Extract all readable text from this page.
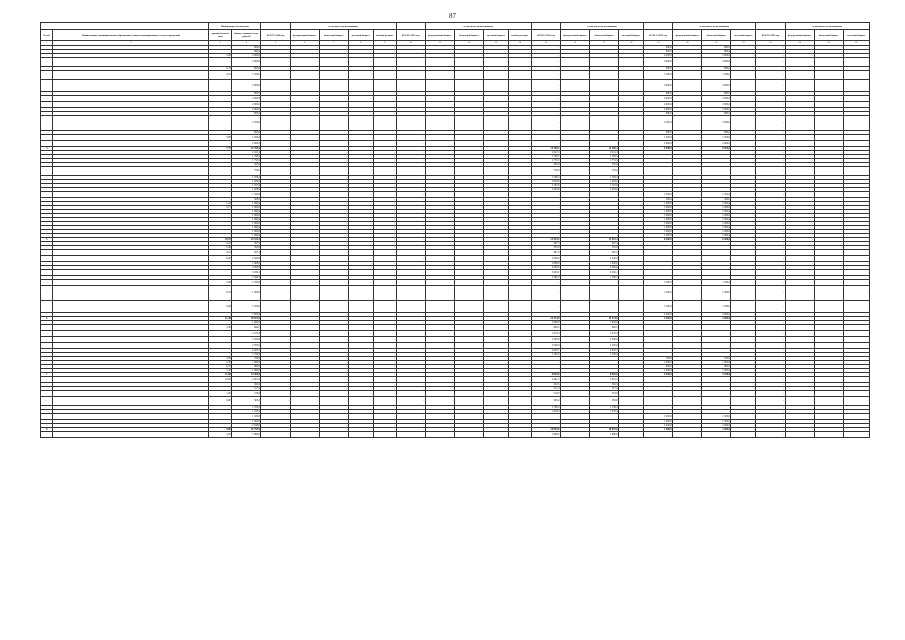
87
		Индикаторы обеспечения			в том числе по источникам					в том числе по источникам					в том числе по источникам				в том числе по источникам				в том числе по источникам		
№ п/п	Наименование муниципального образования, объекта водопроводных сетей и сооружений	протяжён-ность (км)	общая стоимость (тыс. рублей)	ВСЕГО 2020 год	федеральный бюджет	областной бюджет	местный бюджет	внебюд-жетные	ВСЕГО 2021 год	федеральный бюджет	областной бюджет	местный бюджет	внебюд-жетные	ВСЕГО 2022 год	федеральный бюджет	областной бюджет	местный бюджет	ВСЕГО 2023 год	федеральный бюджет	областной бюджет	местный бюджет	ВСЕГО 2024 год	федеральный бюджет	областной бюджет	местный бюджет
1	2	3	4	5	6	7	8	9	10	11	12	13	14	15	16	17	18	19	20	21	22	23	24	25	26
-		-	800,0	-	-	-	-	-	-	-	-	-	-	-	-	-	-	800,0	-	800,0	-	-	-	-	-
-		-	800,0	-	-	-	-	-	-	-	-	-	-	-	-	-	-	800,0	-	800,0	-	-	-	-	-
-		2,00	2 000,0	-	-	-	-	-	-	-	-	-	-	-	-	-	-	2 000,0	-	2 000,0	-	-	-	-	-
-		-	2 000,0	-	-	-	-	-	-	-	-	-	-	-	-	-	-	2 000,0	-	2 000,0	-	-	-	-	-
-		0,35	800,0	-	-	-	-	-	-	-	-	-	-	-	-	-	-	800,0	-	800,0	-	-	-	-	-
-		2,10	1 500,0	-	-	-	-	-	-	-	-	-	-	-	-	-	-	1 500,0	-	1 500,0	-	-	-	-	-
-		-	2 000,0	-	-	-	-	-	-	-	-	-	-	-	-	-	-	2 000,0	-	2 000,0	-	-	-	-	-
-		-	800,0	-	-	-	-	-	-	-	-	-	-	-	-	-	-	800,0	-	800,0	-	-	-	-	-
-		-	2 000,0	-	-	-	-	-	-	-	-	-	-	-	-	-	-	2 000,0	-	2 000,0	-	-	-	-	-
-		-	2 000,0	-	-	-	-	-	-	-	-	-	-	-	-	-	-	2 000,0	-	2 000,0	-	-	-	-	-
-		-	2 000,0	-	-	-	-	-	-	-	-	-	-	-	-	-	-	2 000,0	-	2 000,0	-	-	-	-	-
-		-	800,0	-	-	-	-	-	-	-	-	-	-	-	-	-	-	800,0	-	800,0	-	-	-	-	-
-		-	2 500,0	-	-	-	-	-	-	-	-	-	-	-	-	-	-	2 500,0	-	2 500,0	-	-	-	-	-
-		-	800,0	-	-	-	-	-	-	-	-	-	-	-	-	-	-	800,0	-	800,0	-	-	-	-	-
-		3,80	1 500,0	-	-	-	-	-	-	-	-	-	-	-	-	-	-	1 500,0	-	1 500,0	-	-	-	-	-
-		-	2 600,0	-	-	-	-	-	-	-	-	-	-	-	-	-	-	2 600,0	-	2 600,0	-	-	-	-	-
4		7,57	24 708,3	-	-	-	-	-	-	-	-	-	-	14 508,3	-	14 508,3	-	9 500,0	-	9 500,0	-	-	-	-	-
-		-	2 411,3	-	-	-	-	-	-	-	-	-	-	2 411,3	-	2 411,3	-	-	-	-	-	-	-	-	-
-		-	1 790,5	-	-	-	-	-	-	-	-	-	-	1 790,5	-	1 790,5	-	-	-	-	-	-	-	-	-
-		-	1 755,5	-	-	-	-	-	-	-	-	-	-	1 755,5	-	1 755,5	-	-	-	-	-	-	-	-	-
-		-	595,0	-	-	-	-	-	-	-	-	-	-	595,0	-	595,0	-	-	-	-	-	-	-	-	-
-		-	750,0	-	-	-	-	-	-	-	-	-	-	750,0	-	750,0	-	-	-	-	-	-	-	-	-
-		-	1 769,2	-	-	-	-	-	-	-	-	-	-	1 769,2	-	1 769,2	-	-	-	-	-	-	-	-	-
-		-	1 629,6	-	-	-	-	-	-	-	-	-	-	1 629,6	-	1 629,6	-	-	-	-	-	-	-	-	-
-		-	1 767,6	-	-	-	-	-	-	-	-	-	-	1 767,6	-	1 767,6	-	-	-	-	-	-	-	-	-
-		-	1 629,6	-	-	-	-	-	-	-	-	-	-	1 629,6	-	1 629,6	-	-	-	-	-	-	-	-	-
-		-	1 500,0	-	-	-	-	-	-	-	-	-	-	-	-	-	-	1 500,0	-	1 500,0	-	-	-	-	-
-		-	500,0	-	-	-	-	-	-	-	-	-	-	-	-	-	-	500,0	-	500,0	-	-	-	-	-
-		1,44	1 000,0	-	-	-	-	-	-	-	-	-	-	-	-	-	-	1 000,0	-	1 000,0	-	-	-	-	-
-		3,71	1 000,0	-	-	-	-	-	-	-	-	-	-	-	-	-	-	1 000,0	-	1 000,0	-	-	-	-	-
-		-	1 000,0	-	-	-	-	-	-	-	-	-	-	-	-	-	-	1 000,0	-	1 000,0	-	-	-	-	-
-		-	1 000,0	-	-	-	-	-	-	-	-	-	-	-	-	-	-	1 000,0	-	1 000,0	-	-	-	-	-
-		-	1 000,0	-	-	-	-	-	-	-	-	-	-	-	-	-	-	1 000,0	-	1 000,0	-	-	-	-	-
-		-	1 000,0	-	-	-	-	-	-	-	-	-	-	-	-	-	-	1 000,0	-	1 000,0	-	-	-	-	-
-		-	1 000,0	-	-	-	-	-	-	-	-	-	-	-	-	-	-	1 000,0	-	1 000,0	-	-	-	-	-
-		-	1 000,0	-	-	-	-	-	-	-	-	-	-	-	-	-	-	1 000,0	-	1 000,0	-	-	-	-	-
-		-	1 000,0	-	-	-	-	-	-	-	-	-	-	-	-	-	-	1 000,0	-	1 000,0	-	-	-	-	-
5		29,97	19 319,3	-	-	-	-	-	-	-	-	-	-	12 919,3	-	12 919,3	-	6 300,0	-	6 300,0	-	-	-	-	-
-		0,10	397,3	-	-	-	-	-	-	-	-	-	-	397,3	-	397,3	-	-	-	-	-	-	-	-	-
-		0,40	355,0	-	-	-	-	-	-	-	-	-	-	355,0	-	355,0	-	-	-	-	-	-	-	-	-
-		0,10	497,3	-	-	-	-	-	-	-	-	-	-	497,3	-	497,3	-	-	-	-	-	-	-	-	-
-		6,00	2 500,0	-	-	-	-	-	-	-	-	-	-	2 500,0	-	2 500,0	-	-	-	-	-	-	-	-	-
-		-	1 800,0	-	-	-	-	-	-	-	-	-	-	1 800,0	-	1 800,0	-	-	-	-	-	-	-	-	-
-		-	2 000,0	-	-	-	-	-	-	-	-	-	-	2 000,0	-	2 000,0	-	-	-	-	-	-	-	-	-
-		-	3 450,1	-	-	-	-	-	-	-	-	-	-	3 450,1	-	3 450,1	-	-	-	-	-	-	-	-	-
-		-	1 580,3	-	-	-	-	-	-	-	-	-	-	1 580,3	-	1 580,3	-	-	-	-	-	-	-	-	-
-		5,80	1 200,0	-	-	-	-	-	-	-	-	-	-	-	-	-	-	1 200,0	-	1 200,0	-	-	-	-	-
-		9,25	1 400,0	-	-	-	-	-	-	-	-	-	-	-	-	-	-	1 400,0	-	1 400,0	-	-	-	-	-
-		9,46	1 500,0	-	-	-	-	-	-	-	-	-	-	-	-	-	-	1 500,0	-	1 500,0	-	-	-	-	-
-		-	2 400,0	-	-	-	-	-	-	-	-	-	-	-	-	-	-	2 400,0	-	2 400,0	-	-	-	-	-
6		21,48	18 874,0	-	-	-	-	-	-	-	-	-	-	15 374,0	-	15 374,0	-	3 500,0	-	3 500,0	-	-	-	-	-
-		-	1 900,0	-	-	-	-	-	-	-	-	-	-	1 900,0	-	1 900,0	-	-	-	-	-	-	-	-	-
-		3,30	690,5	-	-	-	-	-	-	-	-	-	-	690,5	-	690,5	-	-	-	-	-	-	-	-	-
-		-	2 470,3	-	-	-	-	-	-	-	-	-	-	2 470,3	-	2 470,3	-	-	-	-	-	-	-	-	-
-		-	2 500,0	-	-	-	-	-	-	-	-	-	-	2 500,0	-	2 500,0	-	-	-	-	-	-	-	-	-
-		-	2 500,0	-	-	-	-	-	-	-	-	-	-	2 500,0	-	2 500,0	-	-	-	-	-	-	-	-	-
-		-	2 620,7	-	-	-	-	-	-	-	-	-	-	2 620,7	-	2 620,7	-	-	-	-	-	-	-	-	-
-		-	1 700,5	-	-	-	-	-	-	-	-	-	-	1 700,5	-	1 700,5	-	-	-	-	-	-	-	-	-
-		3,00	700,0	-	-	-	-	-	-	-	-	-	-	-	-	-	-	700,0	-	700,0	-	-	-	-	-
-		5,30	1 000,0	-	-	-	-	-	-	-	-	-	-	-	-	-	-	1 000,0	-	1 000,0	-	-	-	-	-
-		0,70	800,0	-	-	-	-	-	-	-	-	-	-	-	-	-	-	800,0	-	800,0	-	-	-	-	-
-		5,30	1 000,0	-	-	-	-	-	-	-	-	-	-	-	-	-	-	1 000,0	-	1 000,0	-	-	-	-	-
7		11,60	14 360,0	-	-	-	-	-	-	-	-	-	-	8 820,0	-	8 820,0	-	5 540,0	-	5 540,0	-	-	-	-	-
-		10,00	2 491,5	-	-	-	-	-	-	-	-	-	-	2 491,5	-	2 491,5	-	-	-	-	-	-	-	-	-
-		-	562,5	-	-	-	-	-	-	-	-	-	-	562,5	-	562,5	-	-	-	-	-	-	-	-	-
-		-	517,4	-	-	-	-	-	-	-	-	-	-	517,4	-	517,4	-	-	-	-	-	-	-	-	-
-		1,00	518,0	-	-	-	-	-	-	-	-	-	-	518,0	-	518,0	-	-	-	-	-	-	-	-	-
-		0,60	565,0	-	-	-	-	-	-	-	-	-	-	565,0	-	565,0	-	-	-	-	-	-	-	-	-
-		-	1 709,3	-	-	-	-	-	-	-	-	-	-	1 709,3	-	1 709,3	-	-	-	-	-	-	-	-	-
-		-	1 478,3	-	-	-	-	-	-	-	-	-	-	1 478,3	-	1 478,3	-	-	-	-	-	-	-	-	-
-		-	1 500,0	-	-	-	-	-	-	-	-	-	-	-	-	-	-	1 500,0	-	1 500,0	-	-	-	-	-
-		-	1 000,0	-	-	-	-	-	-	-	-	-	-	-	-	-	-	1 000,0	-	1 000,0	-	-	-	-	-
-		-	2 040,0	-	-	-	-	-	-	-	-	-	-	-	-	-	-	2 040,0	-	2 040,0	-	-	-	-	-
8		9,60	20 755,0	-	-	-	-	-	-	-	-	-	-	18 855,0	-	18 855,0	-	1 900,0	-	1 900,0	-	-	-	-	-
-		3,03	1 880,0	-	-	-	-	-	-	-	-	-	-	1 880,0	-	1 880,0	-	-	-	-	-	-	-	-	-
